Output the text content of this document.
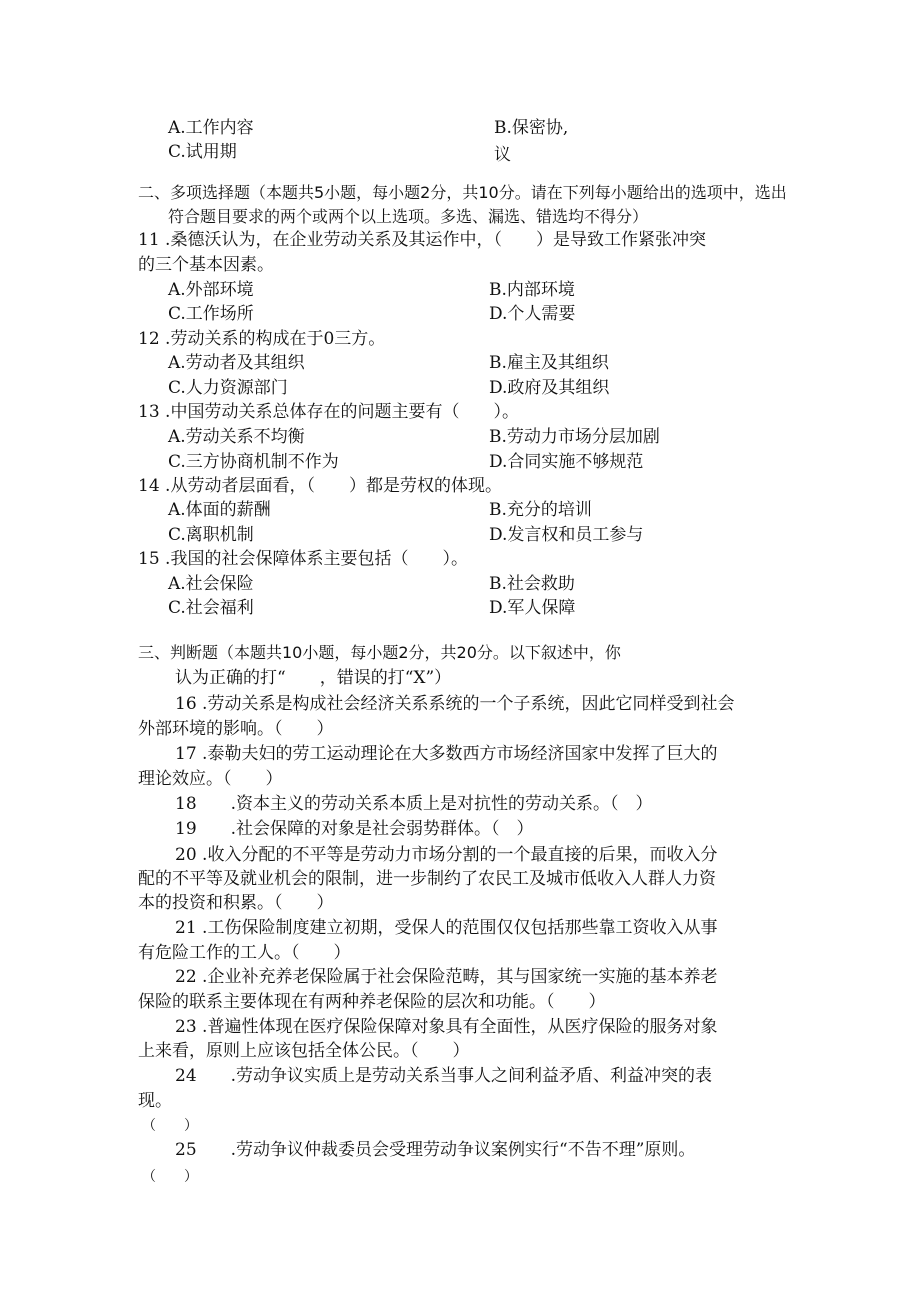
A.工作内容	B.保密协,
C.试用期	议
二、多项选择题（本题共5小题，每小题2分，共10分。请在下列每小题给出的选项中，选出
符合题目要求的两个或两个以上选项。多选、漏选、错选均不得分）
11 .桑德沃认为，在企业劳动关系及其运作中，（　　）是导致工作紧张冲突
的三个基本因素。
A.外部环境	B.内部环境
C.工作场所	D.个人需要
12 .劳动关系的构成在于0三方。
A.劳动者及其组织	B.雇主及其组织
C.人力资源部门	D.政府及其组织
13 .中国劳动关系总体存在的问题主要有（　　）。
A.劳动关系不均衡	B.劳动力市场分层加剧
C.三方协商机制不作为	D.合同实施不够规范
14 .从劳动者层面看，（　　）都是劳权的体现。
A.体面的薪酬	B.充分的培训
C.离职机制	D.发言权和员工参与
15 .我国的社会保障体系主要包括（　　）。
A.社会保险	B.社会救助
C.社会福利	D.军人保障
三、判断题（本题共10小题，每小题2分，共20分。以下叙述中，你
认为正确的打“　　，错误的打“X”）
16 .劳动关系是构成社会经济关系系统的一个子系统，因此它同样受到社会
外部环境的影响。（　　）
17 .泰勒夫妇的劳工运动理论在大多数西方市场经济国家中发挥了巨大的
理论效应。（　　）
18　　.资本主义的劳动关系本质上是对抗性的劳动关系。（　）
19　　.社会保障的对象是社会弱势群体。（　）
20 .收入分配的不平等是劳动力市场分割的一个最直接的后果，而收入分
配的不平等及就业机会的限制，进一步制约了农民工及城市低收入人群人力资
本的投资和积累。（　　）
21 .工伤保险制度建立初期，受保人的范围仅仅包括那些靠工资收入从事
有危险工作的工人。（　　）
22 .企业补充养老保险属于社会保险范畴，其与国家统一实施的基本养老
保险的联系主要体现在有两种养老保险的层次和功能。（　　）
23 .普遍性体现在医疗保险保障对象具有全面性，从医疗保险的服务对象
上来看，原则上应该包括全体公民。（　　）
24　　.劳动争议实质上是劳动关系当事人之间利益矛盾、利益冲突的表
现。
（　　）
25　　.劳动争议仲裁委员会受理劳动争议案例实行“不告不理”原则。
（　　）
